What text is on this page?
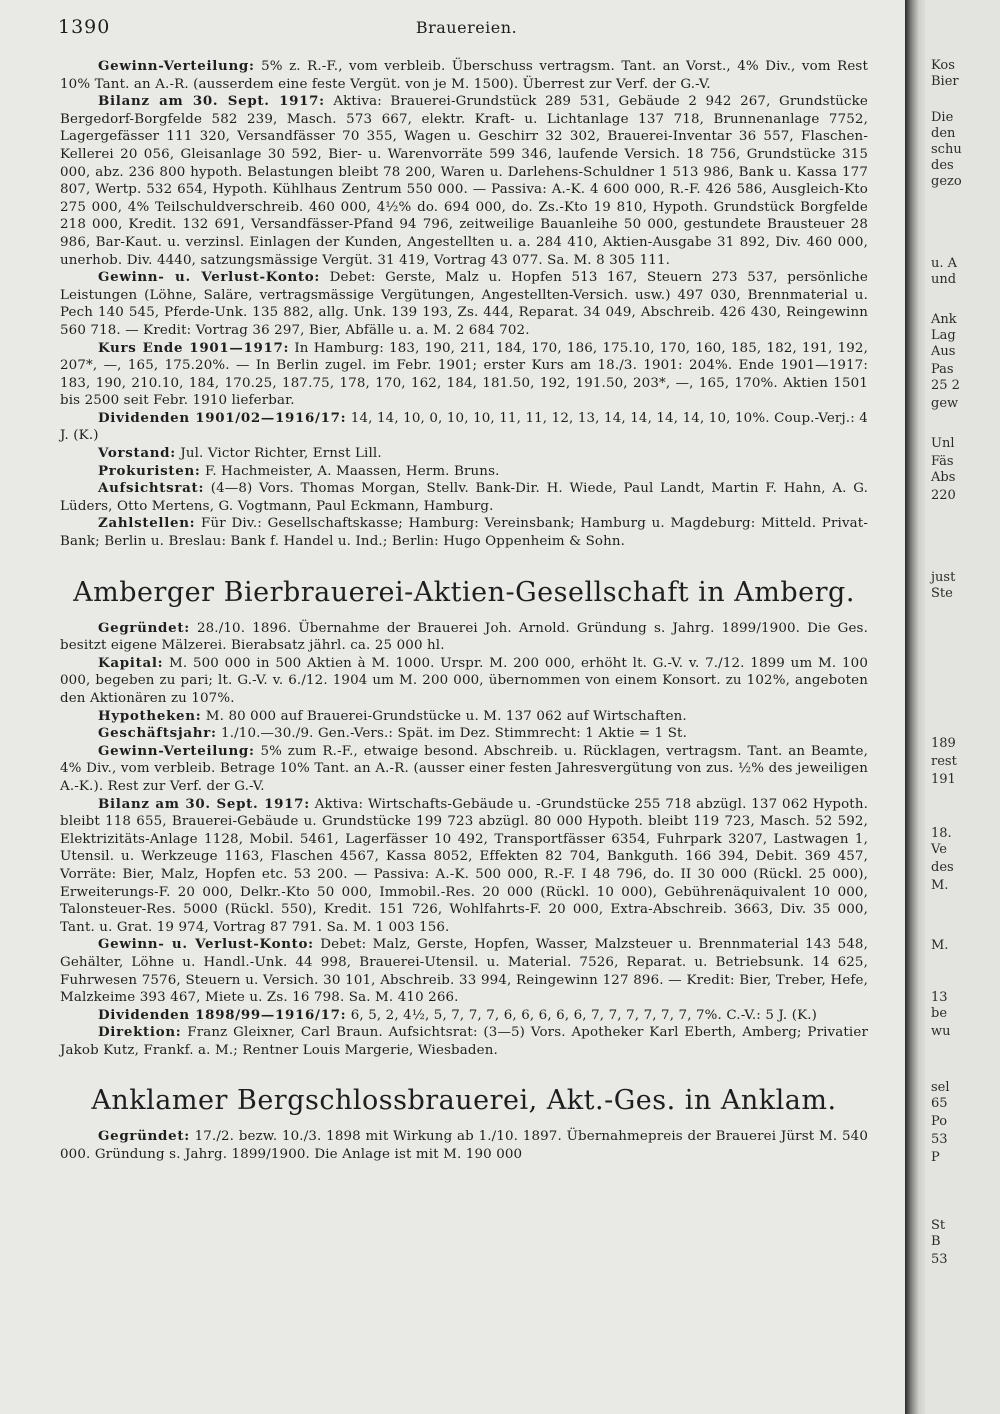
1390	Brauereien.

Gewinn-Verteilung: 5% z. R.-F., vom verbleib. Überschuss vertragsm. Tant. an Vorst., 4% Div., vom Rest 10% Tant. an A.-R. (ausserdem eine feste Vergüt. von je M. 1500). Überrest zur Verf. der G.-V.

Bilanz am 30. Sept. 1917: Aktiva: Brauerei-Grundstück 289 531, Gebäude 2 942 267, Grundstücke Bergedorf-Borgfelde 582 239, Masch. 573 667, elektr. Kraft- u. Lichtanlage 137 718, Brunnenanlage 7752, Lagergefässer 111 320, Versandfässer 70 355, Wagen u. Geschirr 32 302, Brauerei-Inventar 36 557, Flaschen-Kellerei 20 056, Gleisanlage 30 592, Bier- u. Warenvorräte 599 346, laufende Versich. 18 756, Grundstücke 315 000, abz. 236 800 hypoth. Belastungen bleibt 78 200, Waren u. Darlehens-Schuldner 1 513 986, Bank u. Kassa 177 807, Wertp. 532 654, Hypoth. Kühlhaus Zentrum 550 000. — Passiva: A.-K. 4 600 000, R.-F. 426 586, Ausgleich-Kto 275 000, 4% Teilschuldverschreib. 460 000, 4½% do. 694 000, do. Zs.-Kto 19 810, Hypoth. Grundstück Borgfelde 218 000, Kredit. 132 691, Versandfässer-Pfand 94 796, zeitweilige Bauanleihe 50 000, gestundete Brausteuer 28 986, Bar-Kaut. u. verzinsl. Einlagen der Kunden, Angestellten u. a. 284 410, Aktien-Ausgabe 31 892, Div. 460 000, unerhob. Div. 4440, satzungsmässige Vergüt. 31 419, Vortrag 43 077. Sa. M. 8 305 111.

Gewinn- u. Verlust-Konto: Debet: Gerste, Malz u. Hopfen 513 167, Steuern 273 537, persönliche Leistungen (Löhne, Saläre, vertragsmässige Vergütungen, Angestellten-Versich. usw.) 497 030, Brennmaterial u. Pech 140 545, Pferde-Unk. 135 882, allg. Unk. 139 193, Zs. 444, Reparat. 34 049, Abschreib. 426 430, Reingewinn 560 718. — Kredit: Vortrag 36 297, Bier, Abfälle u. a. M. 2 684 702.

Kurs Ende 1901—1917: In Hamburg: 183, 190, 211, 184, 170, 186, 175.10, 170, 160, 185, 182, 191, 192, 207*, —, 165, 175.20%. — In Berlin zugel. im Febr. 1901; erster Kurs am 18./3. 1901: 204%. Ende 1901—1917: 183, 190, 210.10, 184, 170.25, 187.75, 178, 170, 162, 184, 181.50, 192, 191.50, 203*, —, 165, 170%. Aktien 1501 bis 2500 seit Febr. 1910 lieferbar.

Dividenden 1901/02—1916/17: 14, 14, 10, 0, 10, 10, 11, 11, 12, 13, 14, 14, 14, 14, 10, 10%. Coup.-Verj.: 4 J. (K.)

Vorstand: Jul. Victor Richter, Ernst Lill.

Prokuristen: F. Hachmeister, A. Maassen, Herm. Bruns.

Aufsichtsrat: (4—8) Vors. Thomas Morgan, Stellv. Bank-Dir. H. Wiede, Paul Landt, Martin F. Hahn, A. G. Lüders, Otto Mertens, G. Vogtmann, Paul Eckmann, Hamburg.

Zahlstellen: Für Div.: Gesellschaftskasse; Hamburg: Vereinsbank; Hamburg u. Magdeburg: Mitteld. Privat-Bank; Berlin u. Breslau: Bank f. Handel u. Ind.; Berlin: Hugo Oppenheim & Sohn.

Amberger Bierbrauerei-Aktien-Gesellschaft in Amberg.

Gegründet: 28./10. 1896. Übernahme der Brauerei Joh. Arnold. Gründung s. Jahrg. 1899/1900. Die Ges. besitzt eigene Mälzerei. Bierabsatz jährl. ca. 25 000 hl.

Kapital: M. 500 000 in 500 Aktien à M. 1000. Urspr. M. 200 000, erhöht lt. G.-V. v. 7./12. 1899 um M. 100 000, begeben zu pari; lt. G.-V. v. 6./12. 1904 um M. 200 000, übernommen von einem Konsort. zu 102%, angeboten den Aktionären zu 107%.

Hypotheken: M. 80 000 auf Brauerei-Grundstücke u. M. 137 062 auf Wirtschaften.

Geschäftsjahr: 1./10.—30./9. Gen.-Vers.: Spät. im Dez. Stimmrecht: 1 Aktie = 1 St.

Gewinn-Verteilung: 5% zum R.-F., etwaige besond. Abschreib. u. Rücklagen, vertragsm. Tant. an Beamte, 4% Div., vom verbleib. Betrage 10% Tant. an A.-R. (ausser einer festen Jahresvergütung von zus. ½% des jeweiligen A.-K.). Rest zur Verf. der G.-V.

Bilanz am 30. Sept. 1917: Aktiva: Wirtschafts-Gebäude u. -Grundstücke 255 718 abzügl. 137 062 Hypoth. bleibt 118 655, Brauerei-Gebäude u. Grundstücke 199 723 abzügl. 80 000 Hypoth. bleibt 119 723, Masch. 52 592, Elektrizitäts-Anlage 1128, Mobil. 5461, Lagerfässer 10 492, Transportfässer 6354, Fuhrpark 3207, Lastwagen 1, Utensil. u. Werkzeuge 1163, Flaschen 4567, Kassa 8052, Effekten 82 704, Bankguth. 166 394, Debit. 369 457, Vorräte: Bier, Malz, Hopfen etc. 53 200. — Passiva: A.-K. 500 000, R.-F. I 48 796, do. II 30 000 (Rückl. 25 000), Erweiterungs-F. 20 000, Delkr.-Kto 50 000, Immobil.-Res. 20 000 (Rückl. 10 000), Gebührenäquivalent 10 000, Talonsteuer-Res. 5000 (Rückl. 550), Kredit. 151 726, Wohlfahrts-F. 20 000, Extra-Abschreib. 3663, Div. 35 000, Tant. u. Grat. 19 974, Vortrag 87 791. Sa. M. 1 003 156.

Gewinn- u. Verlust-Konto: Debet: Malz, Gerste, Hopfen, Wasser, Malzsteuer u. Brennmaterial 143 548, Gehälter, Löhne u. Handl.-Unk. 44 998, Brauerei-Utensil. u. Material. 7526, Reparat. u. Betriebsunk. 14 625, Fuhrwesen 7576, Steuern u. Versich. 30 101, Abschreib. 33 994, Reingewinn 127 896. — Kredit: Bier, Treber, Hefe, Malzkeime 393 467, Miete u. Zs. 16 798. Sa. M. 410 266.

Dividenden 1898/99—1916/17: 6, 5, 2, 4½, 5, 7, 7, 7, 6, 6, 6, 6, 6, 7, 7, 7, 7, 7, 7, 7%. C.-V.: 5 J. (K.)

Direktion: Franz Gleixner, Carl Braun. Aufsichtsrat: (3—5) Vors. Apotheker Karl Eberth, Amberg; Privatier Jakob Kutz, Frankf. a. M.; Rentner Louis Margerie, Wiesbaden.

Anklamer Bergschlossbrauerei, Akt.-Ges. in Anklam.

Gegründet: 17./2. bezw. 10./3. 1898 mit Wirkung ab 1./10. 1897. Übernahmepreis der Brauerei Jürst M. 540 000. Gründung s. Jahrg. 1899/1900. Die Anlage ist mit M. 190 000

Kos
Bier
Die
den
schu
des
gezo
u. A
und
Ank
Lag
Aus
Pas
25 2
gew
Unl
Fäs
Abs
220
just
Ste
189
rest
191
18.
Ve
des
M.
M.
13
be
wu
sel
65
Po
53
P
St
B
53
